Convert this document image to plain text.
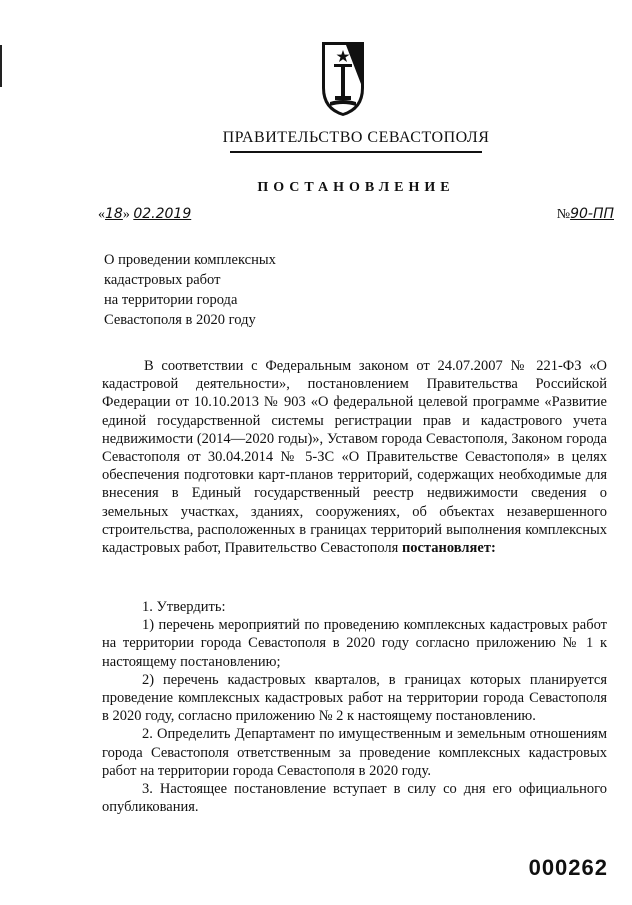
ПРАВИТЕЛЬСТВО СЕВАСТОПОЛЯ
ПОСТАНОВЛЕНИЕ
«18» 02.2019	№90-ПП
О проведении комплексных
кадастровых работ
на территории города
Севастополя в 2020 году

В соответствии с Федеральным законом от 24.07.2007 № 221-ФЗ «О кадастровой деятельности», постановлением Правительства Российской Федерации от 10.10.2013 № 903 «О федеральной целевой программе «Развитие единой государственной системы регистрации прав и кадастрового учета недвижимости (2014—2020 годы)», Уставом города Севастополя, Законом города Севастополя от 30.04.2014 № 5-ЗС «О Правительстве Севастополя» в целях обеспечения подготовки карт-планов территорий, содержащих необходимые для внесения в Единый государственный реестр недвижимости сведения о земельных участках, зданиях, сооружениях, об объектах незавершенного строительства, расположенных в границах территорий выполнения комплексных кадастровых работ, Правительство Севастополя постановляет:

1. Утвердить:

1) перечень мероприятий по проведению комплексных кадастровых работ на территории города Севастополя в 2020 году согласно приложению № 1 к настоящему постановлению;

2) перечень кадастровых кварталов, в границах которых планируется проведение комплексных кадастровых работ на территории города Севастополя в 2020 году, согласно приложению № 2 к настоящему постановлению.

2. Определить Департамент по имущественным и земельным отношениям города Севастополя ответственным за проведение комплексных кадастровых работ на территории города Севастополя в 2020 году.

3. Настоящее постановление вступает в силу со дня его официального опубликования.

000262
